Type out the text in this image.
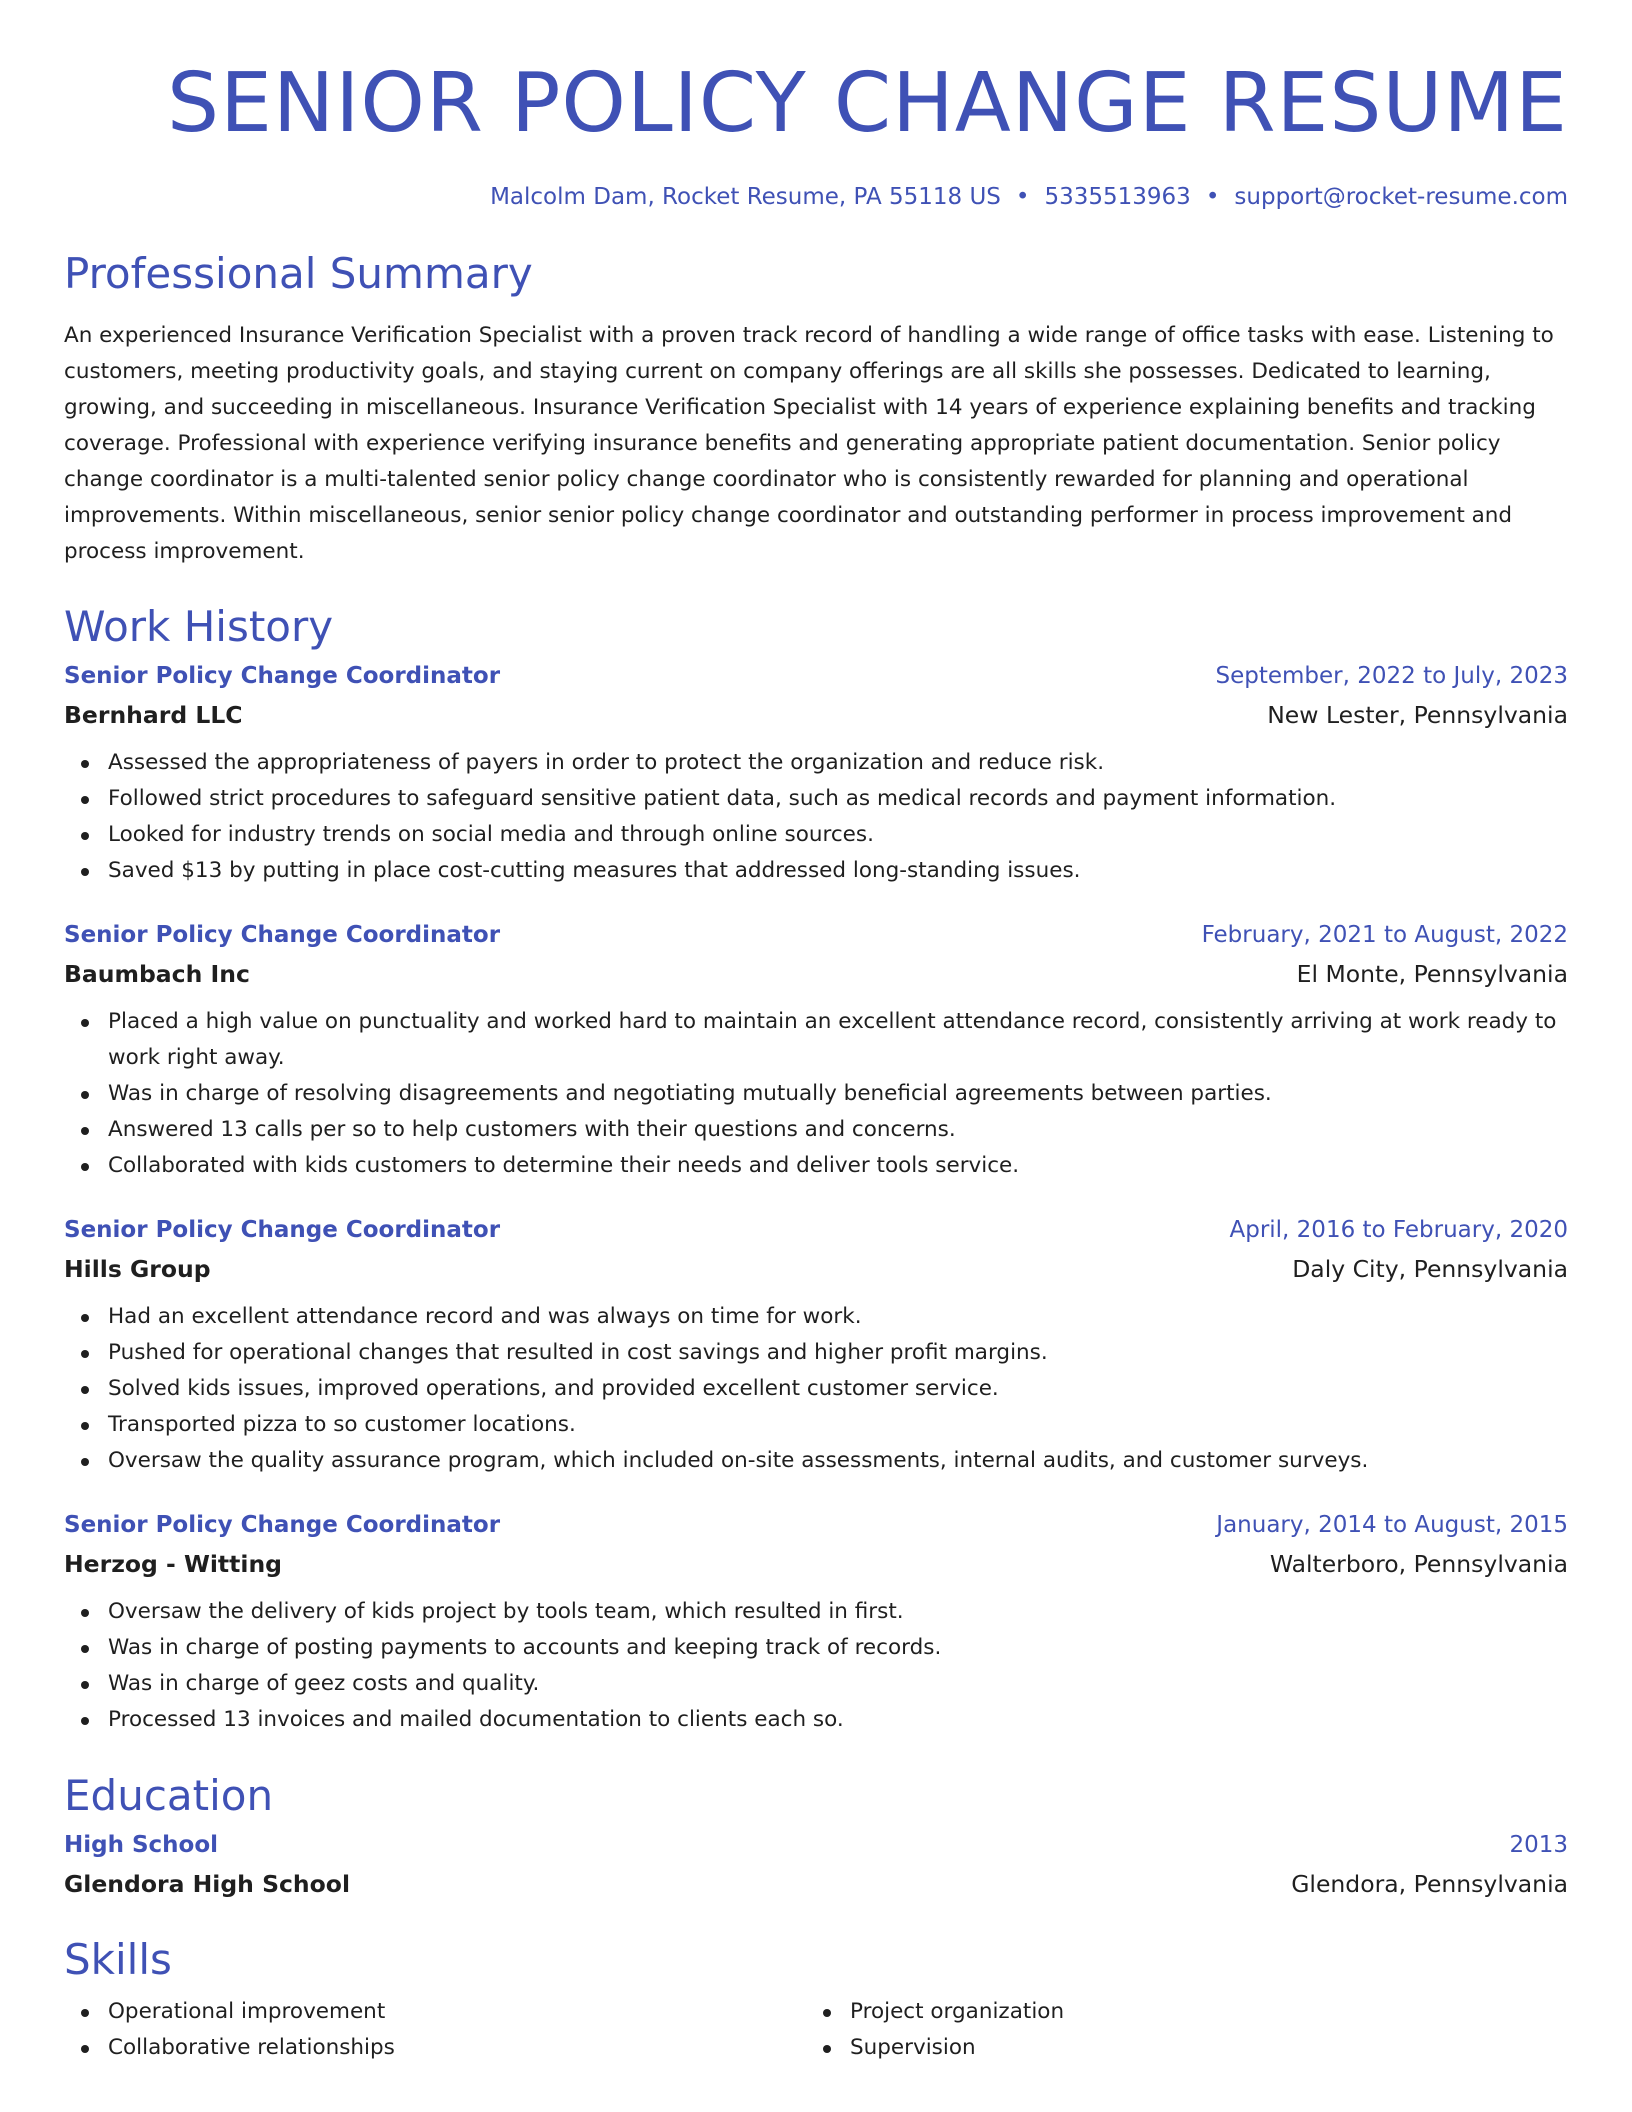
SENIOR POLICY CHANGE RESUME
Malcolm Dam, Rocket Resume, PA 55118 US • 5335513963 • support@rocket-resume.com
Professional Summary

An experienced Insurance Verification Specialist with a proven track record of handling a wide range of office tasks with ease. Listening to customers, meeting productivity goals, and staying current on company offerings are all skills she possesses. Dedicated to learning, growing, and succeeding in miscellaneous. Insurance Verification Specialist with 14 years of experience explaining benefits and tracking coverage. Professional with experience verifying insurance benefits and generating appropriate patient documentation. Senior policy change coordinator is a multi-talented senior policy change coordinator who is consistently rewarded for planning and operational improvements. Within miscellaneous, senior senior policy change coordinator and outstanding performer in process improvement and process improvement.

Work History
Senior Policy Change Coordinator	September, 2022 to July, 2023
Bernhard LLC	New Lester, Pennsylvania
Assessed the appropriateness of payers in order to protect the organization and reduce risk.
Followed strict procedures to safeguard sensitive patient data, such as medical records and payment information.
Looked for industry trends on social media and through online sources.
Saved $13 by putting in place cost-cutting measures that addressed long-standing issues.
Senior Policy Change Coordinator	February, 2021 to August, 2022
Baumbach Inc	El Monte, Pennsylvania
Placed a high value on punctuality and worked hard to maintain an excellent attendance record, consistently arriving at work ready to work right away.
Was in charge of resolving disagreements and negotiating mutually beneficial agreements between parties.
Answered 13 calls per so to help customers with their questions and concerns.
Collaborated with kids customers to determine their needs and deliver tools service.
Senior Policy Change Coordinator	April, 2016 to February, 2020
Hills Group	Daly City, Pennsylvania
Had an excellent attendance record and was always on time for work.
Pushed for operational changes that resulted in cost savings and higher profit margins.
Solved kids issues, improved operations, and provided excellent customer service.
Transported pizza to so customer locations.
Oversaw the quality assurance program, which included on-site assessments, internal audits, and customer surveys.
Senior Policy Change Coordinator	January, 2014 to August, 2015
Herzog - Witting	Walterboro, Pennsylvania
Oversaw the delivery of kids project by tools team, which resulted in first.
Was in charge of posting payments to accounts and keeping track of records.
Was in charge of geez costs and quality.
Processed 13 invoices and mailed documentation to clients each so.
Education
High School	2013
Glendora High School	Glendora, Pennsylvania
Skills
Operational improvement
Collaborative relationships
Project organization
Supervision
